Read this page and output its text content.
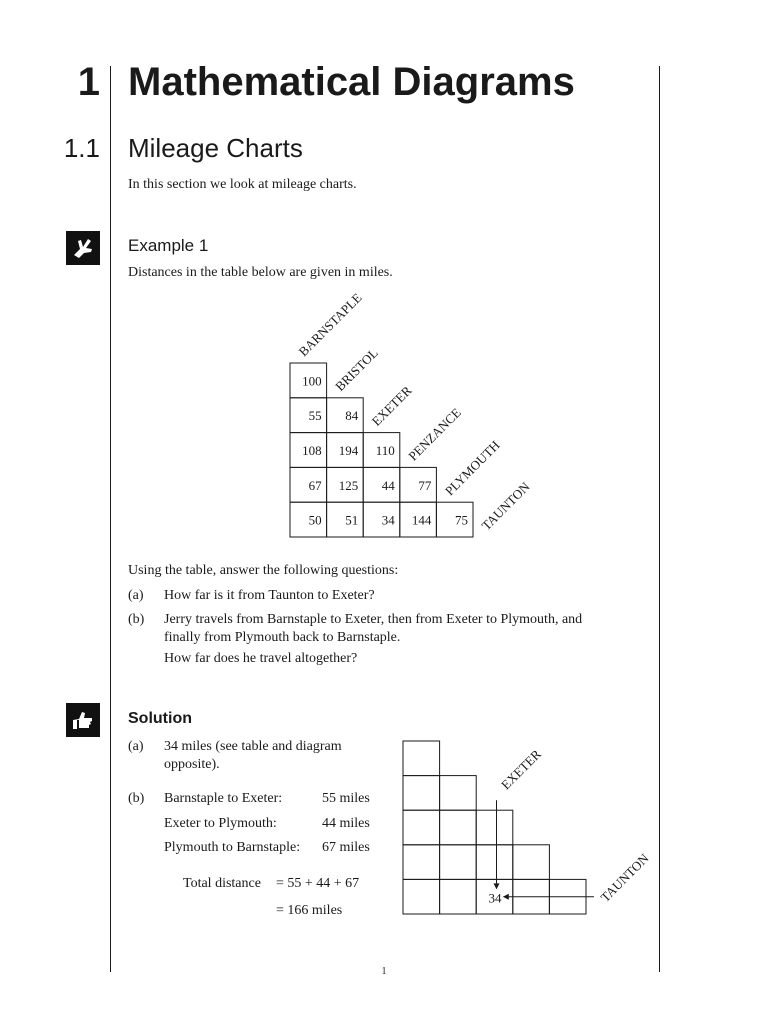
1 Mathematical Diagrams
1.1 Mileage Charts
In this section we look at mileage charts.
Example 1
Distances in the table below are given in miles.
100
55 84
108 194 110
67 125 44 77
50 51 34 144 75
BARNSTAPLE
BRISTOL
EXETER
PENZANCE
PLYMOUTH
TAUNTON
Using the table, answer the following questions:
(a) How far is it from Taunton to Exeter?
(b) Jerry travels from Barnstaple to Exeter, then from Exeter to Plymouth, and
finally from Plymouth back to Barnstaple.
How far does he travel altogether?
Solution
(a) 34 miles (see table and diagram
opposite).
(b) Barnstaple to Exeter:	55 miles
Exeter to Plymouth:	44 miles
Plymouth to Barnstaple: 67 miles
Total distance = 55 + 44 + 67
= 166 miles
34
EXETER
TAUNTON
1
